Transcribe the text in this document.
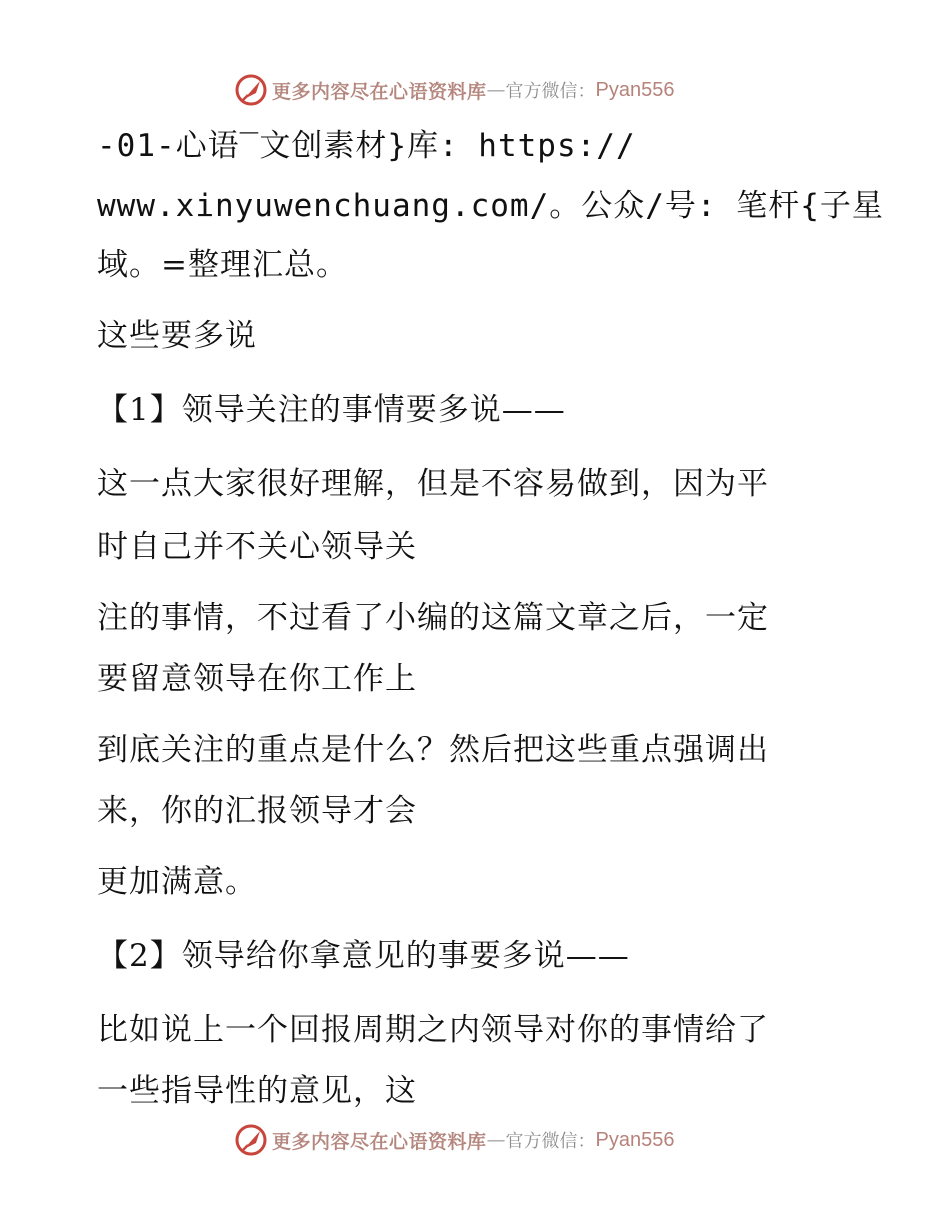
更多内容尽在心语资料库 — 官方微信： Pyan556
-01-心语‾文创素材}库: https://
www.xinyuwenchuang.com/。公众/号: 笔杆{子星
域。=整理汇总。
这些要多说
【1】领导关注的事情要多说——
这一点大家很好理解，但是不容易做到，因为平
时自己并不关心领导关
注的事情，不过看了小编的这篇文章之后，一定
要留意领导在你工作上
到底关注的重点是什么？然后把这些重点强调出
来，你的汇报领导才会
更加满意。
【2】领导给你拿意见的事要多说——
比如说上一个回报周期之内领导对你的事情给了
一些指导性的意见，这
更多内容尽在心语资料库 — 官方微信： Pyan556
